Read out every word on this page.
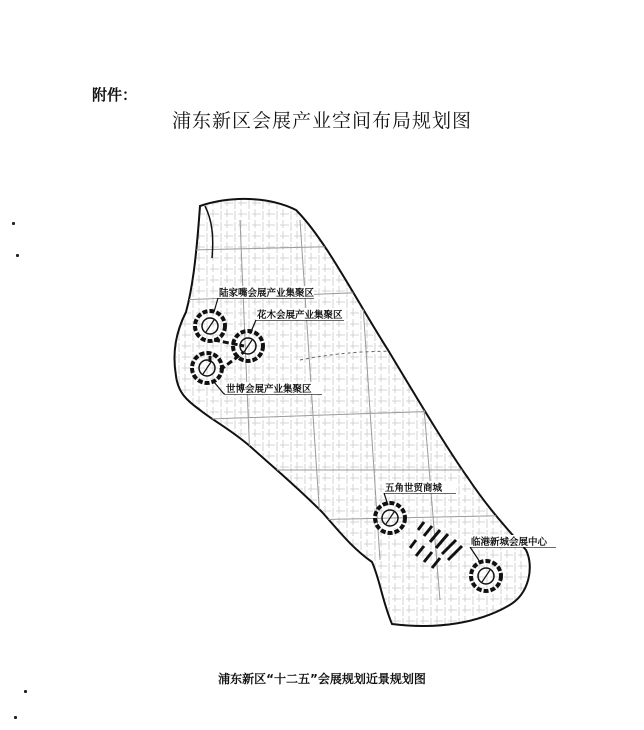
附件：
浦东新区会展产业空间布局规划图
陆家嘴会展产业集聚区
花木会展产业集聚区
世博会展产业集聚区
五角世贸商城
临港新城会展中心
浦东新区“十二五”会展规划近景规划图
